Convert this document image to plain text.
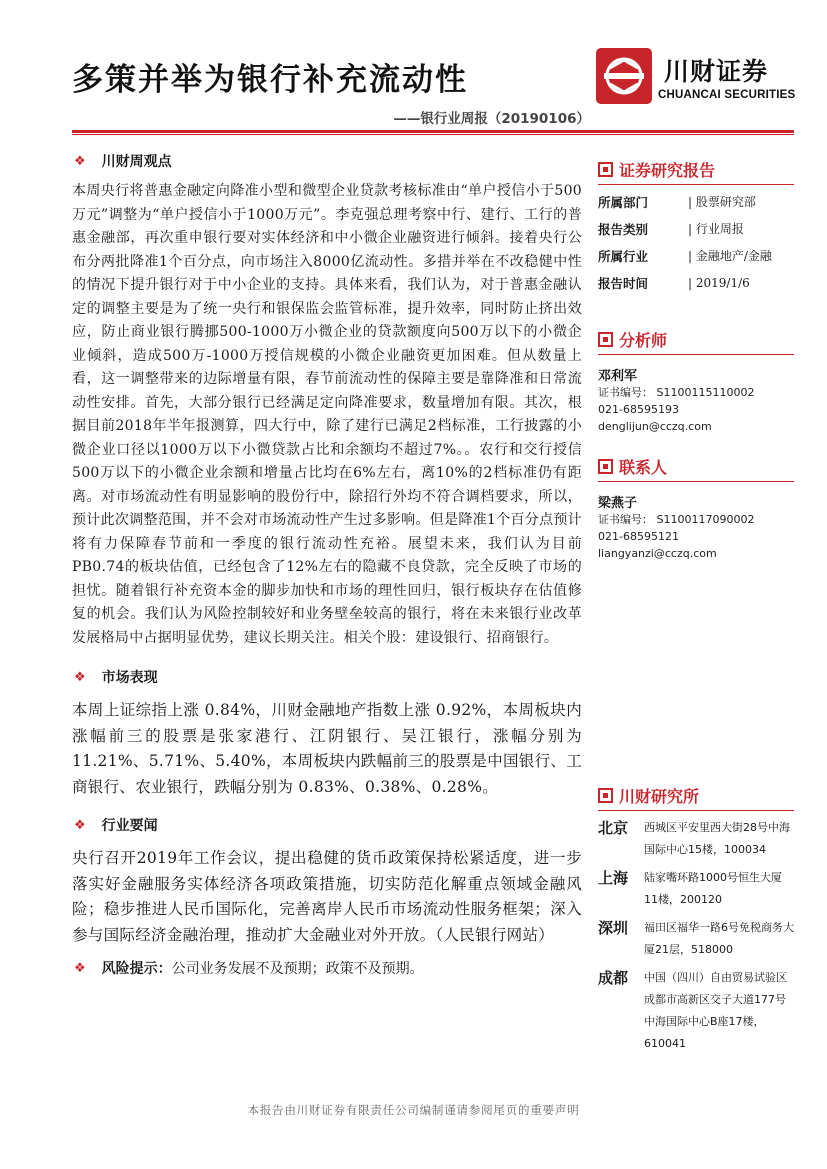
多策并举为银行补充流动性
——银行业周报（20190106）
川财证券
CHUANCAI SECURITIES
❖ 川财周观点

本周央行将普惠金融定向降准小型和微型企业贷款考核标准由“单户授信小于500万元”调整为“单户授信小于1000万元”。李克强总理考察中行、建行、工行的普惠金融部，再次重申银行要对实体经济和中小微企业融资进行倾斜。接着央行公布分两批降准1个百分点，向市场注入8000亿流动性。多措并举在不改稳健中性的情况下提升银行对于中小企业的支持。具体来看，我们认为，对于普惠金融认定的调整主要是为了统一央行和银保监会监管标准，提升效率，同时防止挤出效应，防止商业银行腾挪500-1000万小微企业的贷款额度向500万以下的小微企业倾斜，造成500万-1000万授信规模的小微企业融资更加困难。但从数量上看，这一调整带来的边际增量有限，春节前流动性的保障主要是靠降准和日常流动性安排。首先，大部分银行已经满足定向降准要求，数量增加有限。其次，根据目前2018年半年报测算，四大行中，除了建行已满足2档标准，工行披露的小微企业口径以1000万以下小微贷款占比和余额均不超过7%。。农行和交行授信500万以下的小微企业余额和增量占比均在6%左右，离10%的2档标准仍有距离。对市场流动性有明显影响的股份行中，除招行外均不符合调档要求，所以，预计此次调整范围，并不会对市场流动性产生过多影响。但是降准1个百分点预计将有力保障春节前和一季度的银行流动性充裕。展望未来，我们认为目前PB0.74的板块估值，已经包含了12%左右的隐藏不良贷款，完全反映了市场的担忧。随着银行补充资本金的脚步加快和市场的理性回归，银行板块存在估值修复的机会。我们认为风险控制较好和业务壁垒较高的银行，将在未来银行业改革发展格局中占据明显优势，建议长期关注。相关个股：建设银行、招商银行。

❖ 市场表现

本周上证综指上涨 0.84%，川财金融地产指数上涨 0.92%，本周板块内涨幅前三的股票是张家港行、江阴银行、吴江银行，涨幅分别为 11.21%、5.71%、5.40%，本周板块内跌幅前三的股票是中国银行、工商银行、农业银行，跌幅分别为 0.83%、0.38%、0.28%。

❖ 行业要闻

央行召开2019年工作会议，提出稳健的货币政策保持松紧适度，进一步落实好金融服务实体经济各项政策措施，切实防范化解重点领域金融风险；稳步推进人民币国际化，完善离岸人民币市场流动性服务框架；深入参与国际经济金融治理，推动扩大金融业对外开放。（人民银行网站）

❖ 风险提示： 公司业务发展不及预期；政策不及预期。
证券研究报告
所属部门	| 股票研究部
报告类别	| 行业周报
所属行业	| 金融地产/金融
报告时间	| 2019/1/6
分析师
邓利军
证书编号： S1100115110002
021-68595193
denglijun@cczq.com
联系人
梁燕子
证书编号： S1100117090002
021-68595121
liangyanzi@cczq.com
川财研究所
北京	西城区平安里西大街28号中海国际中心15楼，100034
上海	陆家嘴环路1000号恒生大厦11楼，200120
深圳	福田区福华一路6号免税商务大厦21层，518000
成都	中国（四川）自由贸易试验区成都市高新区交子大道177号中海国际中心B座17楼，610041
本报告由川财证券有限责任公司编制谨请参阅尾页的重要声明
